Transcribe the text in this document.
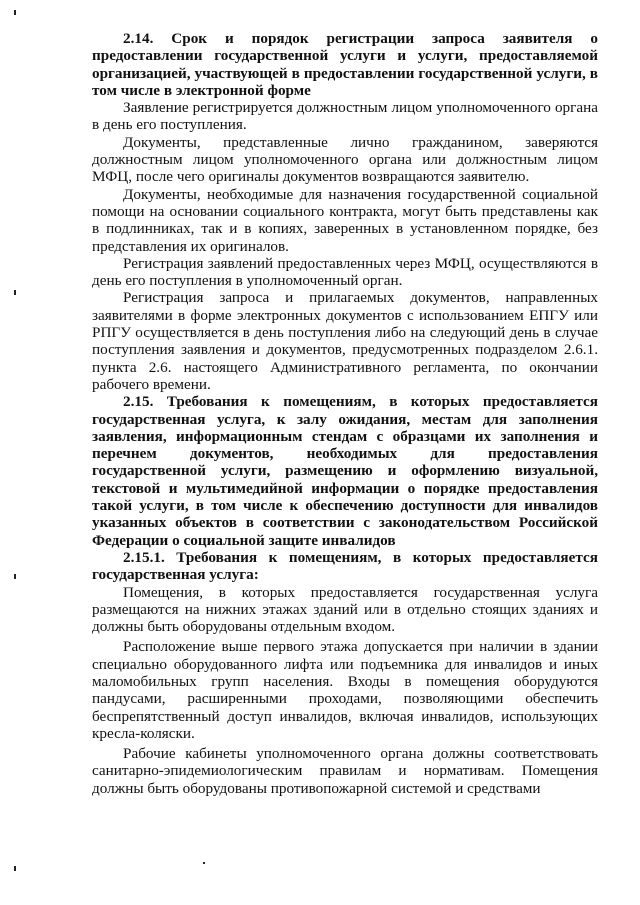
2.14. Срок и порядок регистрации запроса заявителя о предоставлении государственной услуги и услуги, предоставляемой организацией, участвующей в предоставлении государственной услуги, в том числе в электронной форме

Заявление регистрируется должностным лицом уполномоченного органа в день его поступления.

Документы, представленные лично гражданином, заверяются должностным лицом уполномоченного органа или должностным лицом МФЦ, после чего оригиналы документов возвращаются заявителю.

Документы, необходимые для назначения государственной социальной помощи на основании социального контракта, могут быть представлены как в подлинниках, так и в копиях, заверенных в установленном порядке, без представления их оригиналов.

Регистрация заявлений предоставленных через МФЦ, осуществляются в день его поступления в уполномоченный орган.

Регистрация запроса и прилагаемых документов, направленных заявителями в форме электронных документов с использованием ЕПГУ или РПГУ осуществляется в день поступления либо на следующий день в случае поступления заявления и документов, предусмотренных подразделом 2.6.1. пункта 2.6. настоящего Административного регламента, по окончании рабочего времени.

2.15. Требования к помещениям, в которых предоставляется государственная услуга, к залу ожидания, местам для заполнения заявления, информационным стендам с образцами их заполнения и перечнем документов, необходимых для предоставления государственной услуги, размещению и оформлению визуальной, текстовой и мультимедийной информации о порядке предоставления такой услуги, в том числе к обеспечению доступности для инвалидов указанных объектов в соответствии с законодательством Российской Федерации о социальной защите инвалидов

2.15.1. Требования к помещениям, в которых предоставляется государственная услуга:

Помещения, в которых предоставляется государственная услуга размещаются на нижних этажах зданий или в отдельно стоящих зданиях и должны быть оборудованы отдельным входом.

Расположение выше первого этажа допускается при наличии в здании специально оборудованного лифта или подъемника для инвалидов и иных маломобильных групп населения. Входы в помещения оборудуются пандусами, расширенными проходами, позволяющими обеспечить беспрепятственный доступ инвалидов, включая инвалидов, использующих кресла-коляски.

Рабочие кабинеты уполномоченного органа должны соответствовать санитарно-эпидемиологическим правилам и нормативам. Помещения должны быть оборудованы противопожарной системой и средствами
